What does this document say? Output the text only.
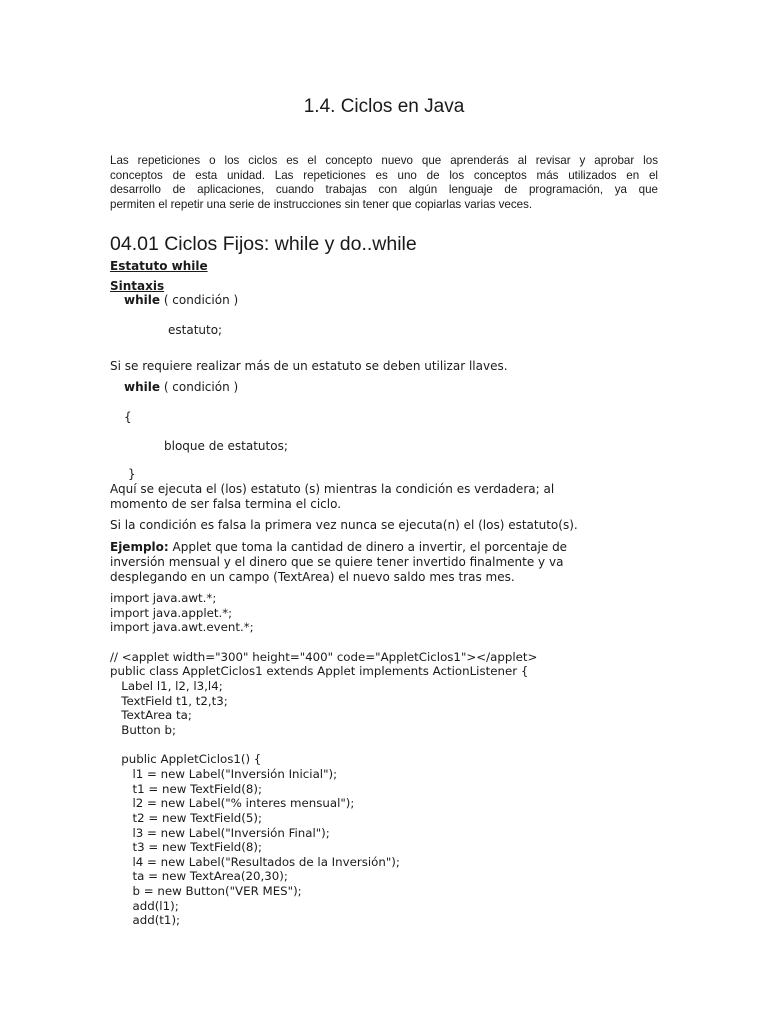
1.4. Ciclos en Java
Las repeticiones o los ciclos es el concepto nuevo que aprenderás al revisar y aprobar los
conceptos de esta unidad. Las repeticiones es uno de los conceptos más utilizados en el
desarrollo de aplicaciones, cuando trabajas con algún lenguaje de programación, ya que
permiten el repetir una serie de instrucciones sin tener que copiarlas varias veces.
04.01 Ciclos Fijos: while y do..while
Estatuto while
Sintaxis
while ( condición )
estatuto;
Si se requiere realizar más de un estatuto se deben utilizar llaves.
while ( condición )
{
bloque de estatutos;
}
Aquí se ejecuta el (los) estatuto (s) mientras la condición es verdadera; al
momento de ser falsa termina el ciclo.
Si la condición es falsa la primera vez nunca se ejecuta(n) el (los) estatuto(s).
Ejemplo: Applet que toma la cantidad de dinero a invertir, el porcentaje de
inversión mensual y el dinero que se quiere tener invertido finalmente y va
desplegando en un campo (TextArea) el nuevo saldo mes tras mes.
import java.awt.*;
import java.applet.*;
import java.awt.event.*;
// <applet width="300" height="400" code="AppletCiclos1"></applet>
public class AppletCiclos1 extends Applet implements ActionListener {
Label l1, l2, l3,l4;
TextField t1, t2,t3;
TextArea ta;
Button b;
public AppletCiclos1() {
l1 = new Label("Inversión Inicial");
t1 = new TextField(8);
l2 = new Label("% interes mensual");
t2 = new TextField(5);
l3 = new Label("Inversión Final");
t3 = new TextField(8);
l4 = new Label("Resultados de la Inversión");
ta = new TextArea(20,30);
b = new Button("VER MES");
add(l1);
add(t1);
